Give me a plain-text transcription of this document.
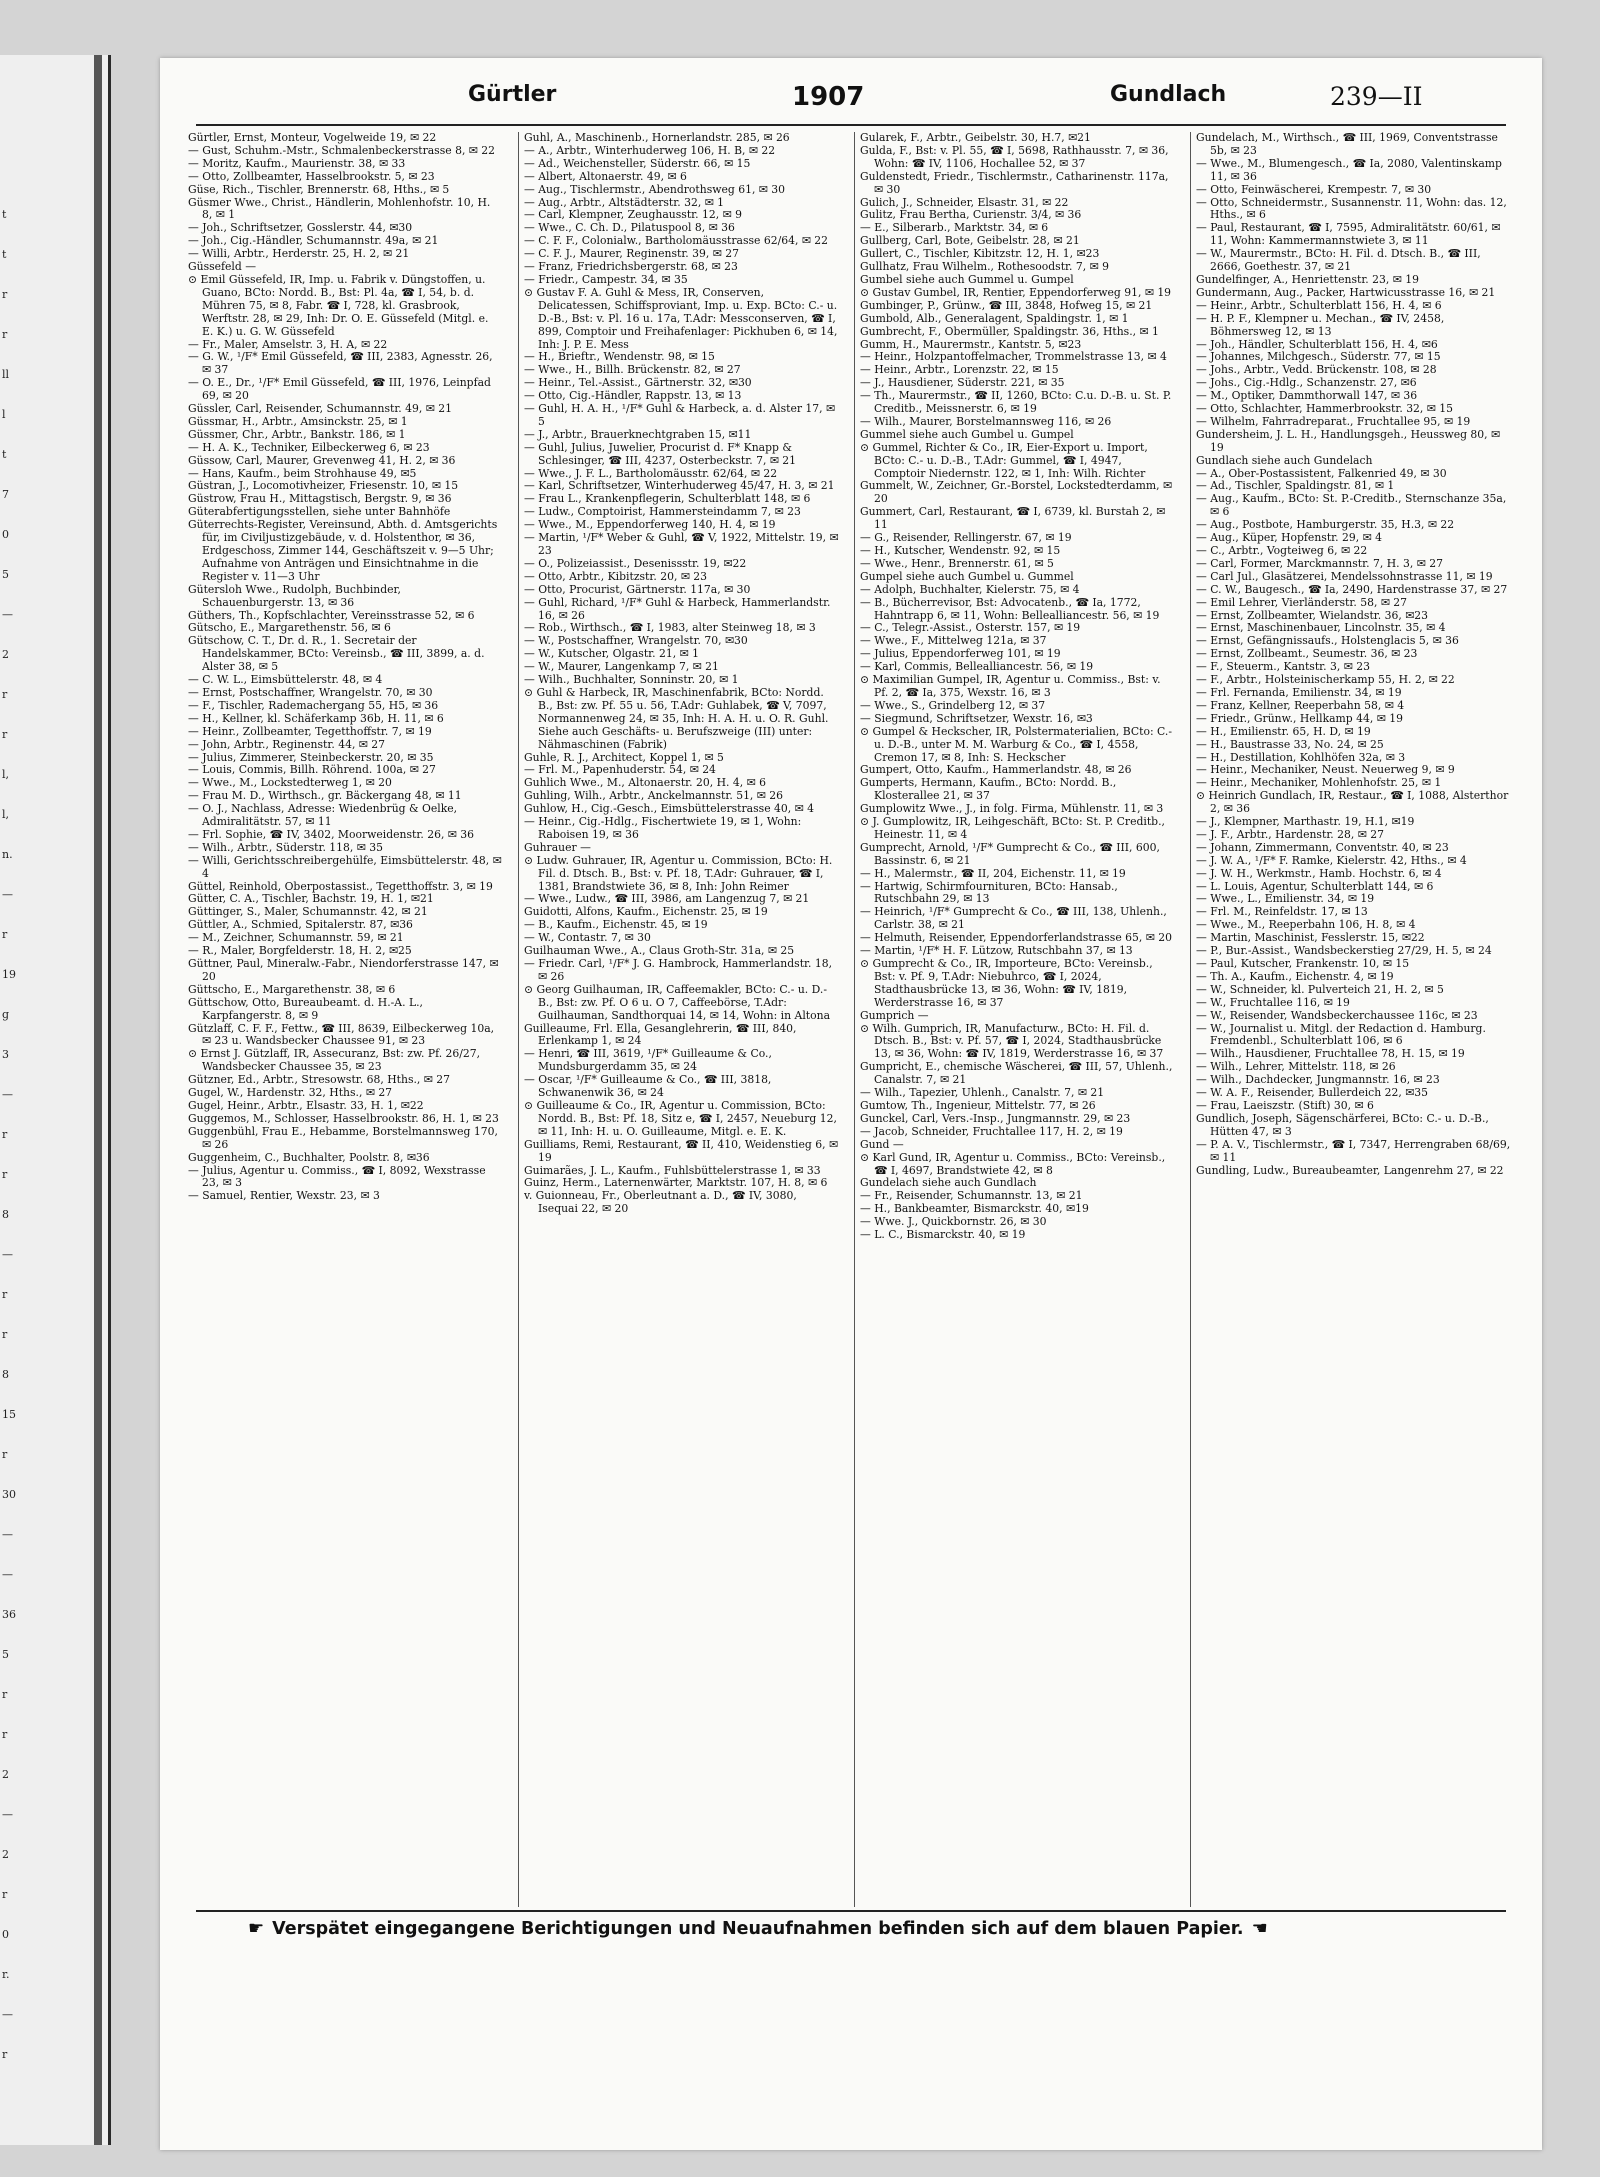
t
t
r
r
ll
l
t
7
0
5
—
2
r
r
l,
l,
n.
—
r
19
g
3
—
r
r
8
—
r
r
8
15
r
30
—
—
36
5
r
r
2
—
2
r
0
r.
—
r
Gürtler	1907	Gundlach	239—II
Gürtler, Ernst, Monteur, Vogelweide 19, ✉ 22
— Gust, Schuhm.-Mstr., Schmalenbeckerstrasse 8, ✉ 22
— Moritz, Kaufm., Maurienstr. 38, ✉ 33
— Otto, Zollbeamter, Hasselbrookstr. 5, ✉ 23
Güse, Rich., Tischler, Brennerstr. 68, Hths., ✉ 5
Güsmer Wwe., Christ., Händlerin, Mohlenhofstr. 10, H. 8, ✉ 1
— Joh., Schriftsetzer, Gosslerstr. 44, ✉30
— Joh., Cig.-Händler, Schumannstr. 49a, ✉ 21
— Willi, Arbtr., Herderstr. 25, H. 2, ✉ 21
Güssefeld —
⊙ Emil Güssefeld, IR, Imp. u. Fabrik v. Düngstoffen, u. Guano, BCto: Nordd. B., Bst: Pl. 4a, ☎ I, 54, b. d. Mühren 75, ✉ 8, Fabr. ☎ I, 728, kl. Grasbrook, Werftstr. 28, ✉ 29, Inh: Dr. O. E. Güssefeld (Mitgl. e. E. K.) u. G. W. Güssefeld
— Fr., Maler, Amselstr. 3, H. A, ✉ 22
— G. W., ¹/F* Emil Güssefeld, ☎ III, 2383, Agnesstr. 26, ✉ 37
— O. E., Dr., ¹/F* Emil Güssefeld, ☎ III, 1976, Leinpfad 69, ✉ 20
Güssler, Carl, Reisender, Schumannstr. 49, ✉ 21
Güssmar, H., Arbtr., Amsinckstr. 25, ✉ 1
Güssmer, Chr., Arbtr., Bankstr. 186, ✉ 1
— H. A. K., Techniker, Eilbeckerweg 6, ✉ 23
Güssow, Carl, Maurer, Grevenweg 41, H. 2, ✉ 36
— Hans, Kaufm., beim Strohhause 49, ✉5
Güstran, J., Locomotivheizer, Friesenstr. 10, ✉ 15
Güstrow, Frau H., Mittagstisch, Bergstr. 9, ✉ 36
Güterabfertigungsstellen, siehe unter Bahnhöfe
Güterrechts-Register, Vereinsund, Abth. d. Amtsgerichts für, im Civiljustizgebäude, v. d. Holstenthor, ✉ 36, Erdgeschoss, Zimmer 144, Geschäftszeit v. 9—5 Uhr; Aufnahme von Anträgen und Einsichtnahme in die Register v. 11—3 Uhr
Gütersloh Wwe., Rudolph, Buchbinder, Schauenburgerstr. 13, ✉ 36
Güthers, Th., Kopfschlachter, Vereinsstrasse 52, ✉ 6
Gütscho, E., Margarethenstr. 56, ✉ 6
Gütschow, C. T., Dr. d. R., 1. Secretair der Handelskammer, BCto: Vereinsb., ☎ III, 3899, a. d. Alster 38, ✉ 5
— C. W. L., Eimsbüttelerstr. 48, ✉ 4
— Ernst, Postschaffner, Wrangelstr. 70, ✉ 30
— F., Tischler, Rademachergang 55, H5, ✉ 36
— H., Kellner, kl. Schäferkamp 36b, H. 11, ✉ 6
— Heinr., Zollbeamter, Tegetthoffstr. 7, ✉ 19
— John, Arbtr., Reginenstr. 44, ✉ 27
— Julius, Zimmerer, Steinbeckerstr. 20, ✉ 35
— Louis, Commis, Billh. Röhrend. 100a, ✉ 27
— Wwe., M., Lockstedterweg 1, ✉ 20
— Frau M. D., Wirthsch., gr. Bäckergang 48, ✉ 11
— O. J., Nachlass, Adresse: Wiedenbrüg & Oelke, Admiralitätstr. 57, ✉ 11
— Frl. Sophie, ☎ IV, 3402, Moorweidenstr. 26, ✉ 36
— Wilh., Arbtr., Süderstr. 118, ✉ 35
— Willi, Gerichtsschreibergehülfe, Eimsbüttelerstr. 48, ✉ 4
Güttel, Reinhold, Oberpostassist., Tegetthoffstr. 3, ✉ 19
Gütter, C. A., Tischler, Bachstr. 19, H. 1, ✉21
Güttinger, S., Maler, Schumannstr. 42, ✉ 21
Güttler, A., Schmied, Spitalerstr. 87, ✉36
— M., Zeichner, Schumannstr. 59, ✉ 21
— R., Maler, Borgfelderstr. 18, H. 2, ✉25
Güttner, Paul, Mineralw.-Fabr., Niendorferstrasse 147, ✉ 20
Güttscho, E., Margarethenstr. 38, ✉ 6
Güttschow, Otto, Bureaubeamt. d. H.-A. L., Karpfangerstr. 8, ✉ 9
Gützlaff, C. F. F., Fettw., ☎ III, 8639, Eilbeckerweg 10a, ✉ 23 u. Wandsbecker Chaussee 91, ✉ 23
⊙ Ernst J. Gützlaff, IR, Assecuranz, Bst: zw. Pf. 26/27, Wandsbecker Chaussee 35, ✉ 23
Gützner, Ed., Arbtr., Stresowstr. 68, Hths., ✉ 27
Gugel, W., Hardenstr. 32, Hths., ✉ 27
Gugel, Heinr., Arbtr., Elsastr. 33, H. 1, ✉22
Guggemos, M., Schlosser, Hasselbrookstr. 86, H. 1, ✉ 23
Guggenbühl, Frau E., Hebamme, Borstelmannsweg 170, ✉ 26
Guggenheim, C., Buchhalter, Poolstr. 8, ✉36
— Julius, Agentur u. Commiss., ☎ I, 8092, Wexstrasse 23, ✉ 3
— Samuel, Rentier, Wexstr. 23, ✉ 3
Guhl, A., Maschinenb., Hornerlandstr. 285, ✉ 26
— A., Arbtr., Winterhuderweg 106, H. B, ✉ 22
— Ad., Weichensteller, Süderstr. 66, ✉ 15
— Albert, Altonaerstr. 49, ✉ 6
— Aug., Tischlermstr., Abendrothsweg 61, ✉ 30
— Aug., Arbtr., Altstädterstr. 32, ✉ 1
— Carl, Klempner, Zeughausstr. 12, ✉ 9
— Wwe., C. Ch. D., Pilatuspool 8, ✉ 36
— C. F. F., Colonialw., Bartholomäusstrasse 62/64, ✉ 22
— C. F. J., Maurer, Reginenstr. 39, ✉ 27
— Franz, Friedrichsbergerstr. 68, ✉ 23
— Friedr., Campestr. 34, ✉ 35
⊙ Gustav F. A. Guhl & Mess, IR, Conserven, Delicatessen, Schiffsproviant, Imp. u. Exp. BCto: C.- u. D.-B., Bst: v. Pl. 16 u. 17a, T.Adr: Messconserven, ☎ I, 899, Comptoir und Freihafenlager: Pickhuben 6, ✉ 14, Inh: J. P. E. Mess
— H., Brieftr., Wendenstr. 98, ✉ 15
— Wwe., H., Billh. Brückenstr. 82, ✉ 27
— Heinr., Tel.-Assist., Gärtnerstr. 32, ✉30
— Otto, Cig.-Händler, Rappstr. 13, ✉ 13
— Guhl, H. A. H., ¹/F* Guhl & Harbeck, a. d. Alster 17, ✉ 5
— J., Arbtr., Brauerknechtgraben 15, ✉11
— Guhl, Julius, Juwelier, Procurist d. F* Knapp & Schlesinger, ☎ III, 4237, Osterbeckstr. 7, ✉ 21
— Wwe., J. F. L., Bartholomäusstr. 62/64, ✉ 22
— Karl, Schriftsetzer, Winterhuderweg 45/47, H. 3, ✉ 21
— Frau L., Krankenpflegerin, Schulterblatt 148, ✉ 6
— Ludw., Comptoirist, Hammersteindamm 7, ✉ 23
— Wwe., M., Eppendorferweg 140, H. 4, ✉ 19
— Martin, ¹/F* Weber & Guhl, ☎ V, 1922, Mittelstr. 19, ✉ 23
— O., Polizeiassist., Desenissstr. 19, ✉22
— Otto, Arbtr., Kibitzstr. 20, ✉ 23
— Otto, Procurist, Gärtnerstr. 117a, ✉ 30
— Guhl, Richard, ¹/F* Guhl & Harbeck, Hammerlandstr. 16, ✉ 26
— Rob., Wirthsch., ☎ I, 1983, alter Steinweg 18, ✉ 3
— W., Postschaffner, Wrangelstr. 70, ✉30
— W., Kutscher, Olgastr. 21, ✉ 1
— W., Maurer, Langenkamp 7, ✉ 21
— Wilh., Buchhalter, Sonninstr. 20, ✉ 1
⊙ Guhl & Harbeck, IR, Maschinenfabrik, BCto: Nordd. B., Bst: zw. Pf. 55 u. 56, T.Adr: Guhlabek, ☎ V, 7097, Normannenweg 24, ✉ 35, Inh: H. A. H. u. O. R. Guhl. Siehe auch Geschäfts- u. Berufszweige (III) unter: Nähmaschinen (Fabrik)
Guhle, R. J., Architect, Koppel 1, ✉ 5
— Frl. M., Papenhuderstr. 54, ✉ 24
Guhlich Wwe., M., Altonaerstr. 20, H. 4, ✉ 6
Guhling, Wilh., Arbtr., Anckelmannstr. 51, ✉ 26
Guhlow, H., Cig.-Gesch., Eimsbüttelerstrasse 40, ✉ 4
— Heinr., Cig.-Hdlg., Fischertwiete 19, ✉ 1, Wohn: Raboisen 19, ✉ 36
Guhrauer —
⊙ Ludw. Guhrauer, IR, Agentur u. Commission, BCto: H. Fil. d. Dtsch. B., Bst: v. Pf. 18, T.Adr: Guhrauer, ☎ I, 1381, Brandstwiete 36, ✉ 8, Inh: John Reimer
— Wwe., Ludw., ☎ III, 3986, am Langenzug 7, ✉ 21
Guidotti, Alfons, Kaufm., Eichenstr. 25, ✉ 19
— B., Kaufm., Eichenstr. 45, ✉ 19
— W., Contastr. 7, ✉ 30
Guilhauman Wwe., A., Claus Groth-Str. 31a, ✉ 25
— Friedr. Carl, ¹/F* J. G. Hambrock, Hammerlandstr. 18, ✉ 26
⊙ Georg Guilhauman, IR, Caffeemakler, BCto: C.- u. D.-B., Bst: zw. Pf. O 6 u. O 7, Caffeebörse, T.Adr: Guilhauman, Sandthorquai 14, ✉ 14, Wohn: in Altona
Guilleaume, Frl. Ella, Gesanglehrerin, ☎ III, 840, Erlenkamp 1, ✉ 24
— Henri, ☎ III, 3619, ¹/F* Guilleaume & Co., Mundsburgerdamm 35, ✉ 24
— Oscar, ¹/F* Guilleaume & Co., ☎ III, 3818, Schwanenwik 36, ✉ 24
⊙ Guilleaume & Co., IR, Agentur u. Commission, BCto: Nordd. B., Bst: Pf. 18, Sitz e, ☎ I, 2457, Neueburg 12, ✉ 11, Inh: H. u. O. Guilleaume, Mitgl. e. E. K.
Guilliams, Remi, Restaurant, ☎ II, 410, Weidenstieg 6, ✉ 19
Guimarães, J. L., Kaufm., Fuhlsbüttelerstrasse 1, ✉ 33
Guinz, Herm., Laternenwärter, Marktstr. 107, H. 8, ✉ 6
v. Guionneau, Fr., Oberleutnant a. D., ☎ IV, 3080, Isequai 22, ✉ 20
Gularek, F., Arbtr., Geibelstr. 30, H.7, ✉21
Gulda, F., Bst: v. Pl. 55, ☎ I, 5698, Rathhausstr. 7, ✉ 36, Wohn: ☎ IV, 1106, Hochallee 52, ✉ 37
Guldenstedt, Friedr., Tischlermstr., Catharinenstr. 117a, ✉ 30
Gulich, J., Schneider, Elsastr. 31, ✉ 22
Gulitz, Frau Bertha, Curienstr. 3/4, ✉ 36
— E., Silberarb., Marktstr. 34, ✉ 6
Gullberg, Carl, Bote, Geibelstr. 28, ✉ 21
Gullert, C., Tischler, Kibitzstr. 12, H. 1, ✉23
Gullhatz, Frau Wilhelm., Rothesoodstr. 7, ✉ 9
Gumbel siehe auch Gummel u. Gumpel
⊙ Gustav Gumbel, IR, Rentier, Eppendorferweg 91, ✉ 19
Gumbinger, P., Grünw., ☎ III, 3848, Hofweg 15, ✉ 21
Gumbold, Alb., Generalagent, Spaldingstr. 1, ✉ 1
Gumbrecht, F., Obermüller, Spaldingstr. 36, Hths., ✉ 1
Gumm, H., Maurermstr., Kantstr. 5, ✉23
— Heinr., Holzpantoffelmacher, Trommelstrasse 13, ✉ 4
— Heinr., Arbtr., Lorenzstr. 22, ✉ 15
— J., Hausdiener, Süderstr. 221, ✉ 35
— Th., Maurermstr., ☎ II, 1260, BCto: C.u. D.-B. u. St. P. Creditb., Meissnerstr. 6, ✉ 19
— Wilh., Maurer, Borstelmannsweg 116, ✉ 26
Gummel siehe auch Gumbel u. Gumpel
⊙ Gummel, Richter & Co., IR, Eier-Export u. Import, BCto: C.- u. D.-B., T.Adr: Gummel, ☎ I, 4947, Comptoir Niedernstr. 122, ✉ 1, Inh: Wilh. Richter
Gummelt, W., Zeichner, Gr.-Borstel, Lockstedterdamm, ✉ 20
Gummert, Carl, Restaurant, ☎ I, 6739, kl. Burstah 2, ✉ 11
— G., Reisender, Rellingerstr. 67, ✉ 19
— H., Kutscher, Wendenstr. 92, ✉ 15
— Wwe., Henr., Brennerstr. 61, ✉ 5
Gumpel siehe auch Gumbel u. Gummel
— Adolph, Buchhalter, Kielerstr. 75, ✉ 4
— B., Bücherrevisor, Bst: Advocatenb., ☎ Ia, 1772, Hahntrapp 6, ✉ 11, Wohn: Bellealliancestr. 56, ✉ 19
— C., Telegr.-Assist., Osterstr. 157, ✉ 19
— Wwe., F., Mittelweg 121a, ✉ 37
— Julius, Eppendorferweg 101, ✉ 19
— Karl, Commis, Bellealliancestr. 56, ✉ 19
⊙ Maximilian Gumpel, IR, Agentur u. Commiss., Bst: v. Pf. 2, ☎ Ia, 375, Wexstr. 16, ✉ 3
— Wwe., S., Grindelberg 12, ✉ 37
— Siegmund, Schriftsetzer, Wexstr. 16, ✉3
⊙ Gumpel & Heckscher, IR, Polstermaterialien, BCto: C.- u. D.-B., unter M. M. Warburg & Co., ☎ I, 4558, Cremon 17, ✉ 8, Inh: S. Heckscher
Gumpert, Otto, Kaufm., Hammerlandstr. 48, ✉ 26
Gumperts, Hermann, Kaufm., BCto: Nordd. B., Klosterallee 21, ✉ 37
Gumplowitz Wwe., J., in folg. Firma, Mühlenstr. 11, ✉ 3
⊙ J. Gumplowitz, IR, Leihgeschäft, BCto: St. P. Creditb., Heinestr. 11, ✉ 4
Gumprecht, Arnold, ¹/F* Gumprecht & Co., ☎ III, 600, Bassinstr. 6, ✉ 21
— H., Malermstr., ☎ II, 204, Eichenstr. 11, ✉ 19
— Hartwig, Schirmfournituren, BCto: Hansab., Rutschbahn 29, ✉ 13
— Heinrich, ¹/F* Gumprecht & Co., ☎ III, 138, Uhlenh., Carlstr. 38, ✉ 21
— Helmuth, Reisender, Eppendorferlandstrasse 65, ✉ 20
— Martin, ¹/F* H. F. Lützow, Rutschbahn 37, ✉ 13
⊙ Gumprecht & Co., IR, Importeure, BCto: Vereinsb., Bst: v. Pf. 9, T.Adr: Niebuhrco, ☎ I, 2024, Stadthausbrücke 13, ✉ 36, Wohn: ☎ IV, 1819, Werderstrasse 16, ✉ 37
Gumprich —
⊙ Wilh. Gumprich, IR, Manufacturw., BCto: H. Fil. d. Dtsch. B., Bst: v. Pf. 57, ☎ I, 2024, Stadthausbrücke 13, ✉ 36, Wohn: ☎ IV, 1819, Werderstrasse 16, ✉ 37
Gumpricht, E., chemische Wäscherei, ☎ III, 57, Uhlenh., Canalstr. 7, ✉ 21
— Wilh., Tapezier, Uhlenh., Canalstr. 7, ✉ 21
Gumtow, Th., Ingenieur, Mittelstr. 77, ✉ 26
Gunckel, Carl, Vers.-Insp., Jungmannstr. 29, ✉ 23
— Jacob, Schneider, Fruchtallee 117, H. 2, ✉ 19
Gund —
⊙ Karl Gund, IR, Agentur u. Commiss., BCto: Vereinsb., ☎ I, 4697, Brandstwiete 42, ✉ 8
Gundelach siehe auch Gundlach
— Fr., Reisender, Schumannstr. 13, ✉ 21
— H., Bankbeamter, Bismarckstr. 40, ✉19
— Wwe. J., Quickbornstr. 26, ✉ 30
— L. C., Bismarckstr. 40, ✉ 19
Gundelach, M., Wirthsch., ☎ III, 1969, Conventstrasse 5b, ✉ 23
— Wwe., M., Blumengesch., ☎ Ia, 2080, Valentinskamp 11, ✉ 36
— Otto, Feinwäscherei, Krempestr. 7, ✉ 30
— Otto, Schneidermstr., Susannenstr. 11, Wohn: das. 12, Hths., ✉ 6
— Paul, Restaurant, ☎ I, 7595, Admiralitätstr. 60/61, ✉ 11, Wohn: Kammermannstwiete 3, ✉ 11
— W., Maurermstr., BCto: H. Fil. d. Dtsch. B., ☎ III, 2666, Goethestr. 37, ✉ 21
Gundelfinger, A., Henriettenstr. 23, ✉ 19
Gundermann, Aug., Packer, Hartwicusstrasse 16, ✉ 21
— Heinr., Arbtr., Schulterblatt 156, H. 4, ✉ 6
— H. P. F., Klempner u. Mechan., ☎ IV, 2458, Böhmersweg 12, ✉ 13
— Joh., Händler, Schulterblatt 156, H. 4, ✉6
— Johannes, Milchgesch., Süderstr. 77, ✉ 15
— Johs., Arbtr., Vedd. Brückenstr. 108, ✉ 28
— Johs., Cig.-Hdlg., Schanzenstr. 27, ✉6
— M., Optiker, Dammthorwall 147, ✉ 36
— Otto, Schlachter, Hammerbrookstr. 32, ✉ 15
— Wilhelm, Fahrradreparat., Fruchtallee 95, ✉ 19
Gundersheim, J. L. H., Handlungsgeh., Heussweg 80, ✉ 19
Gundlach siehe auch Gundelach
— A., Ober-Postassistent, Falkenried 49, ✉ 30
— Ad., Tischler, Spaldingstr. 81, ✉ 1
— Aug., Kaufm., BCto: St. P.-Creditb., Sternschanze 35a, ✉ 6
— Aug., Postbote, Hamburgerstr. 35, H.3, ✉ 22
— Aug., Küper, Hopfenstr. 29, ✉ 4
— C., Arbtr., Vogteiweg 6, ✉ 22
— Carl, Former, Marckmannstr. 7, H. 3, ✉ 27
— Carl Jul., Glasätzerei, Mendelssohnstrasse 11, ✉ 19
— C. W., Baugesch., ☎ Ia, 2490, Hardenstrasse 37, ✉ 27
— Emil Lehrer, Vierländerstr. 58, ✉ 27
— Ernst, Zollbeamter, Wielandstr. 36, ✉23
— Ernst, Maschinenbauer, Lincolnstr. 35, ✉ 4
— Ernst, Gefängnissaufs., Holstenglacis 5, ✉ 36
— Ernst, Zollbeamt., Seumestr. 36, ✉ 23
— F., Steuerm., Kantstr. 3, ✉ 23
— F., Arbtr., Holsteinischerkamp 55, H. 2, ✉ 22
— Frl. Fernanda, Emilienstr. 34, ✉ 19
— Franz, Kellner, Reeperbahn 58, ✉ 4
— Friedr., Grünw., Hellkamp 44, ✉ 19
— H., Emilienstr. 65, H. D, ✉ 19
— H., Baustrasse 33, No. 24, ✉ 25
— H., Destillation, Kohlhöfen 32a, ✉ 3
— Heinr., Mechaniker, Neust. Neuerweg 9, ✉ 9
— Heinr., Mechaniker, Mohlenhofstr. 25, ✉ 1
⊙ Heinrich Gundlach, IR, Restaur., ☎ I, 1088, Alsterthor 2, ✉ 36
— J., Klempner, Marthastr. 19, H.1, ✉19
— J. F., Arbtr., Hardenstr. 28, ✉ 27
— Johann, Zimmermann, Conventstr. 40, ✉ 23
— J. W. A., ¹/F* F. Ramke, Kielerstr. 42, Hths., ✉ 4
— J. W. H., Werkmstr., Hamb. Hochstr. 6, ✉ 4
— L. Louis, Agentur, Schulterblatt 144, ✉ 6
— Wwe., L., Emilienstr. 34, ✉ 19
— Frl. M., Reinfeldstr. 17, ✉ 13
— Wwe., M., Reeperbahn 106, H. 8, ✉ 4
— Martin, Maschinist, Fesslerstr. 15, ✉22
— P., Bur.-Assist., Wandsbeckerstieg 27/29, H. 5, ✉ 24
— Paul, Kutscher, Frankenstr. 10, ✉ 15
— Th. A., Kaufm., Eichenstr. 4, ✉ 19
— W., Schneider, kl. Pulverteich 21, H. 2, ✉ 5
— W., Fruchtallee 116, ✉ 19
— W., Reisender, Wandsbeckerchaussee 116c, ✉ 23
— W., Journalist u. Mitgl. der Redaction d. Hamburg. Fremdenbl., Schulterblatt 106, ✉ 6
— Wilh., Hausdiener, Fruchtallee 78, H. 15, ✉ 19
— Wilh., Lehrer, Mittelstr. 118, ✉ 26
— Wilh., Dachdecker, Jungmannstr. 16, ✉ 23
— W. A. F., Reisender, Bullerdeich 22, ✉35
— Frau, Laeiszstr. (Stift) 30, ✉ 6
Gundlich, Joseph, Sägenschärferei, BCto: C.- u. D.-B., Hütten 47, ✉ 3
— P. A. V., Tischlermstr., ☎ I, 7347, Herrengraben 68/69, ✉ 11
Gundling, Ludw., Bureaubeamter, Langenrehm 27, ✉ 22
☛ Verspätet eingegangene Berichtigungen und Neuaufnahmen befinden sich auf dem blauen Papier. ☚
